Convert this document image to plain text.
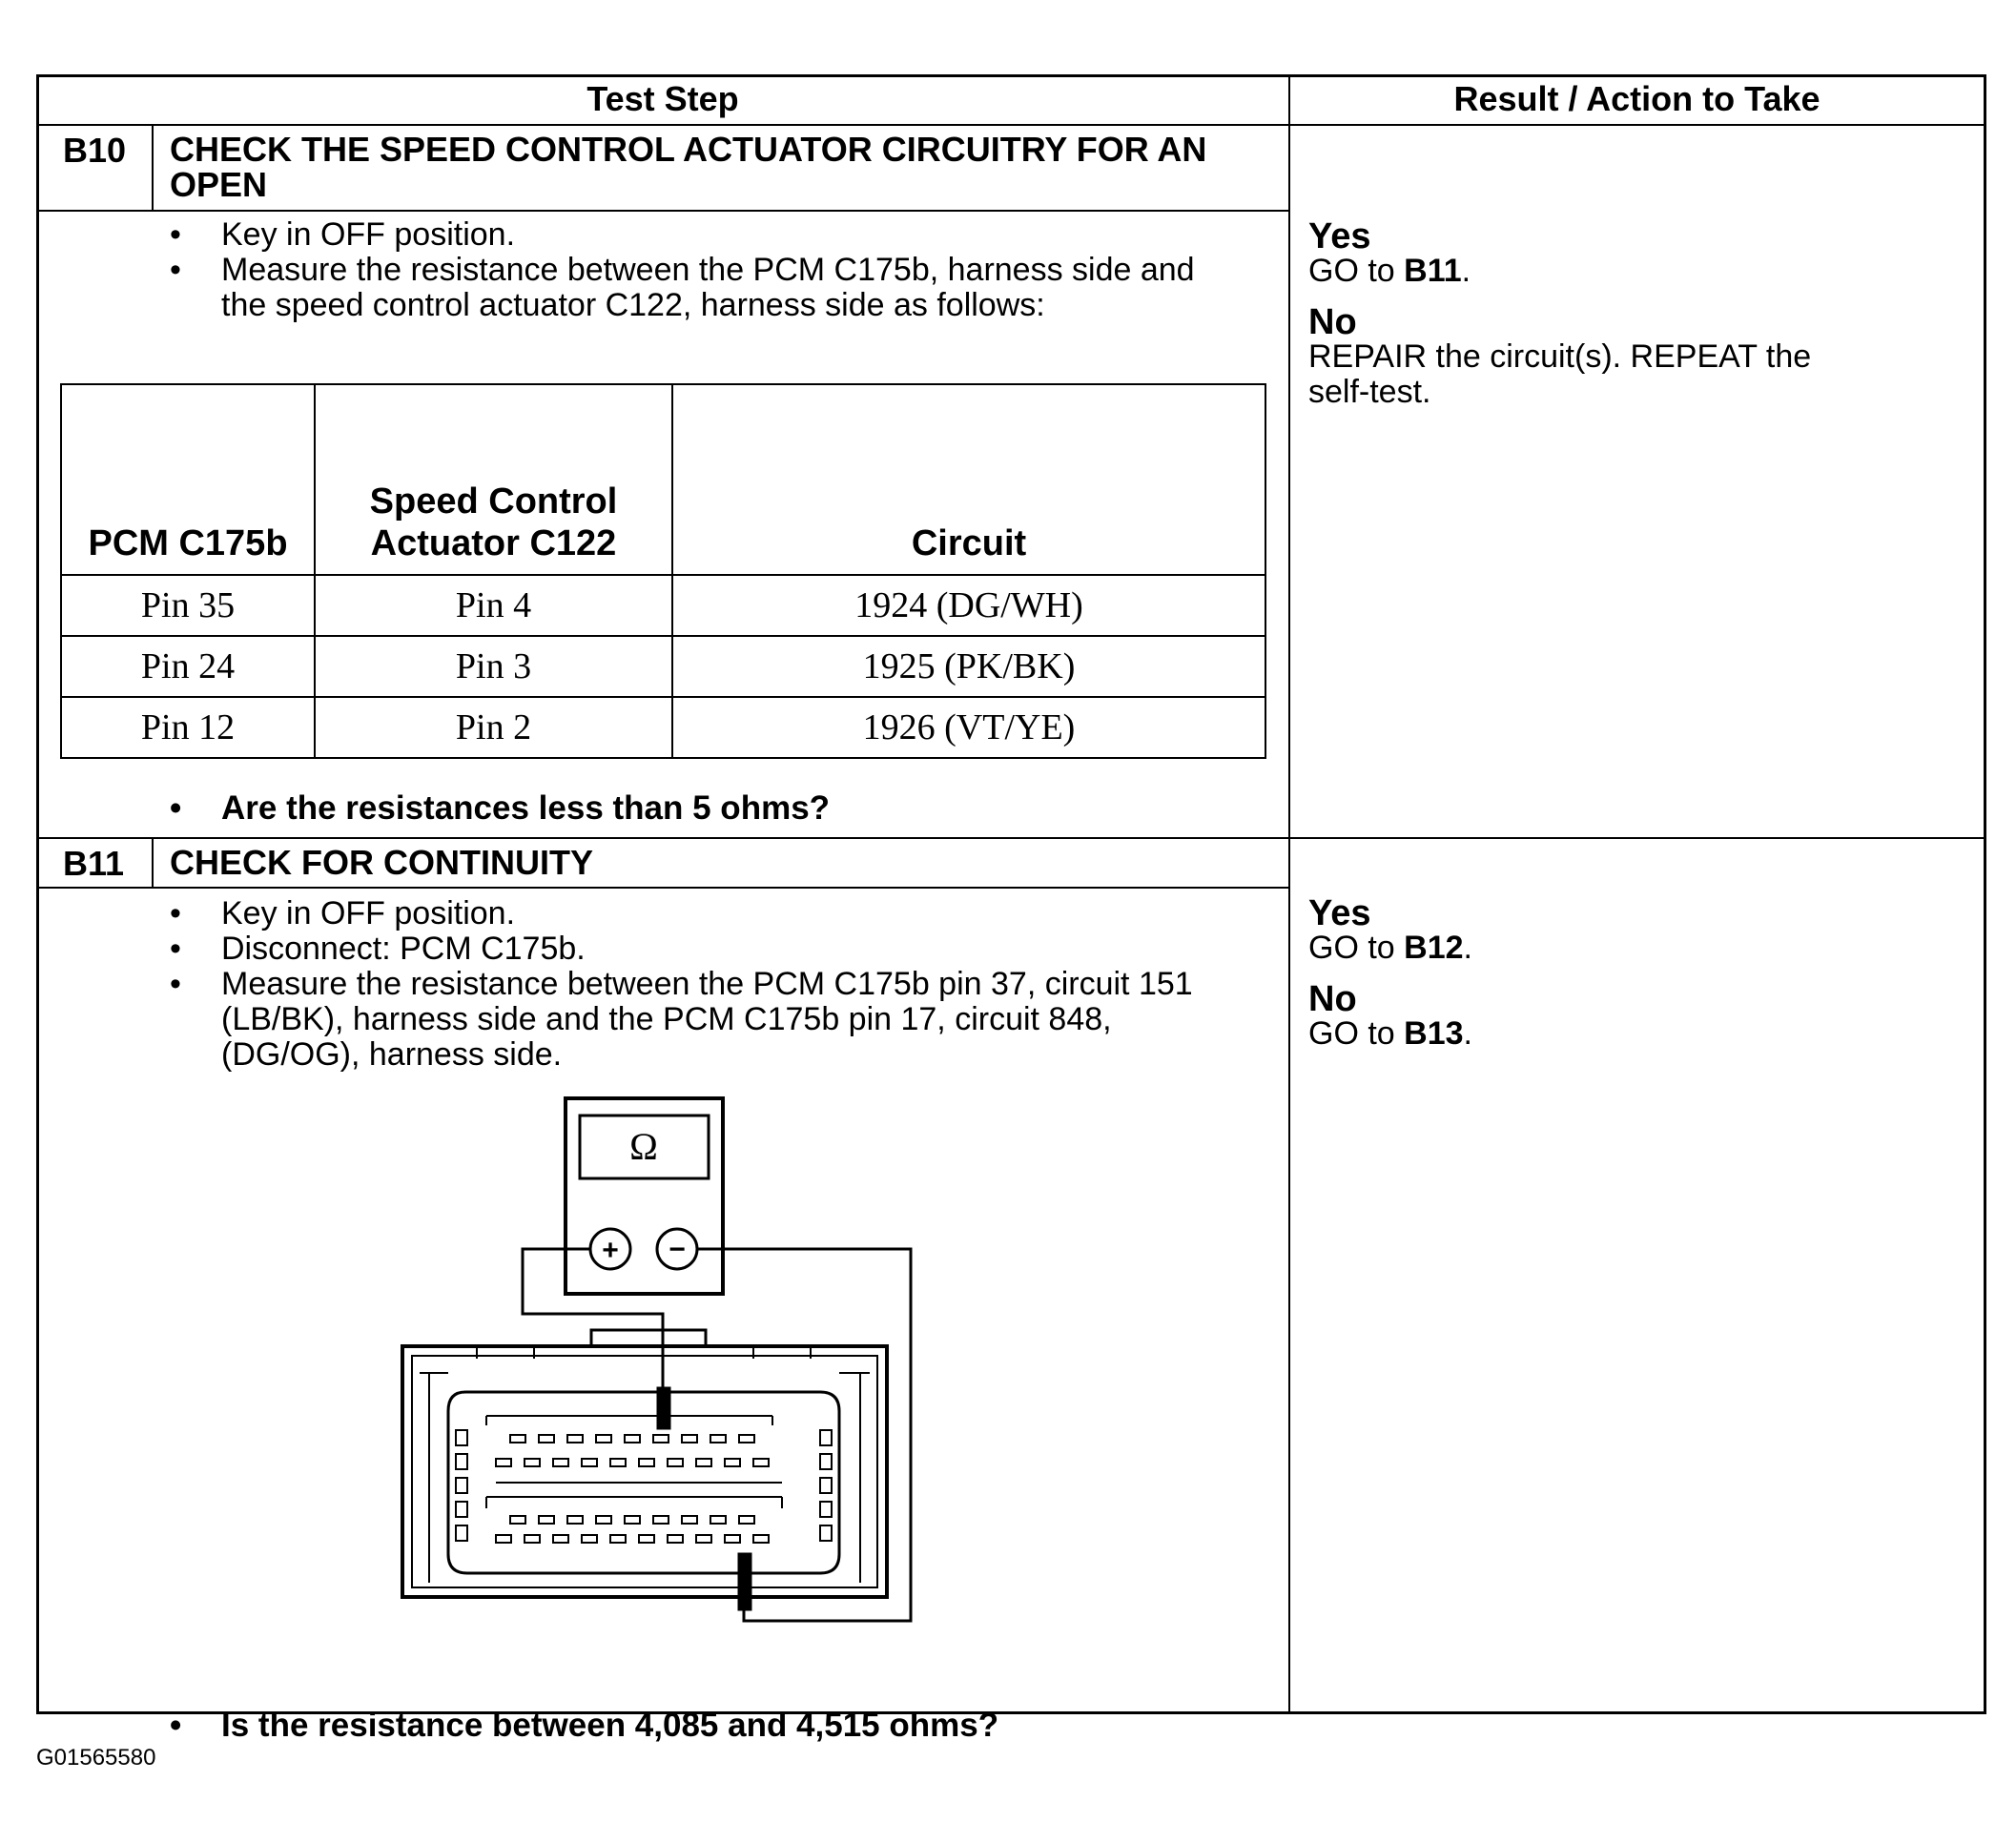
Test Step	Result / Action to Take
B10 CHECK THE SPEED CONTROL ACTUATOR CIRCUITRY FOR AN OPEN
• Key in OFF position.
• Measure the resistance between the PCM C175b, harness side and the speed control actuator C122, harness side as follows:
PCM C175b	Speed Control Actuator C122	Circuit
Pin 35	Pin 4	1924 (DG/WH)
Pin 24	Pin 3	1925 (PK/BK)
Pin 12	Pin 2	1926 (VT/YE)
• Are the resistances less than 5 ohms?
Yes
GO to B11.
No
REPAIR the circuit(s). REPEAT the self-test.
B11 CHECK FOR CONTINUITY
• Key in OFF position.
• Disconnect: PCM C175b.
• Measure the resistance between the PCM C175b pin 37, circuit 151 (LB/BK), harness side and the PCM C175b pin 17, circuit 848, (DG/OG), harness side.
Ω
+ −
• Is the resistance between 4,085 and 4,515 ohms?
Yes
GO to B12.
No
GO to B13.
G01565580
